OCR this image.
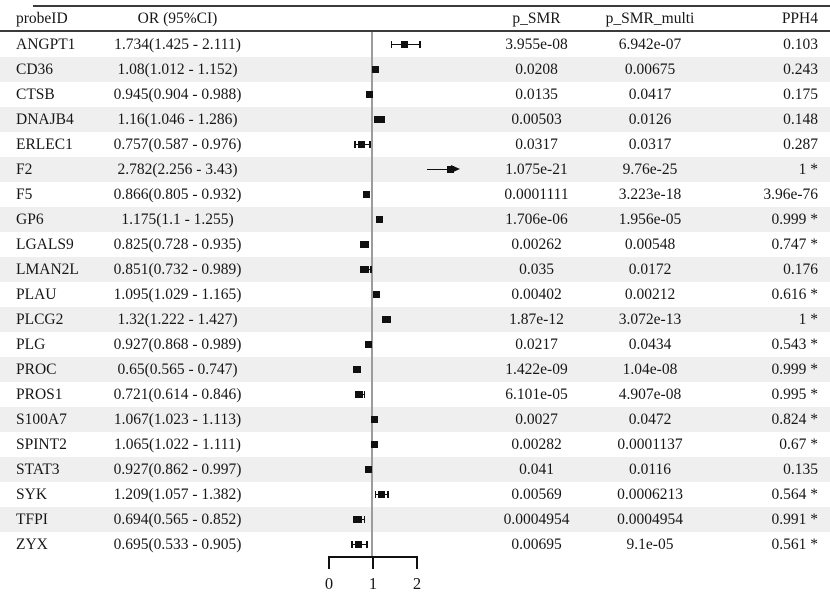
probeID	OR (95%CI)	p_SMR	p_SMR_multi	PPH4
ANGPT1	1.734(1.425 - 2.111)	3.955e-08	6.942e-07	0.103
CD36	1.08(1.012 - 1.152)	0.0208	0.00675	0.243
CTSB	0.945(0.904 - 0.988)	0.0135	0.0417	0.175
DNAJB4	1.16(1.046 - 1.286)	0.00503	0.0126	0.148
ERLEC1	0.757(0.587 - 0.976)	0.0317	0.0317	0.287
F2	2.782(2.256 - 3.43)	1.075e-21	9.76e-25	1 *
F5	0.866(0.805 - 0.932)	0.0001111	3.223e-18	3.96e-76
GP6	1.175(1.1 - 1.255)	1.706e-06	1.956e-05	0.999 *
LGALS9	0.825(0.728 - 0.935)	0.00262	0.00548	0.747 *
LMAN2L	0.851(0.732 - 0.989)	0.035	0.0172	0.176
PLAU	1.095(1.029 - 1.165)	0.00402	0.00212	0.616 *
PLCG2	1.32(1.222 - 1.427)	1.87e-12	3.072e-13	1 *
PLG	0.927(0.868 - 0.989)	0.0217	0.0434	0.543 *
PROC	0.65(0.565 - 0.747)	1.422e-09	1.04e-08	0.999 *
PROS1	0.721(0.614 - 0.846)	6.101e-05	4.907e-08	0.995 *
S100A7	1.067(1.023 - 1.113)	0.0027	0.0472	0.824 *
SPINT2	1.065(1.022 - 1.111)	0.00282	0.0001137	0.67 *
STAT3	0.927(0.862 - 0.997)	0.041	0.0116	0.135
SYK	1.209(1.057 - 1.382)	0.00569	0.0006213	0.564 *
TFPI	0.694(0.565 - 0.852)	0.0004954	0.0004954	0.991 *
ZYX	0.695(0.533 - 0.905)	0.00695	9.1e-05	0.561 *
0	1	2
